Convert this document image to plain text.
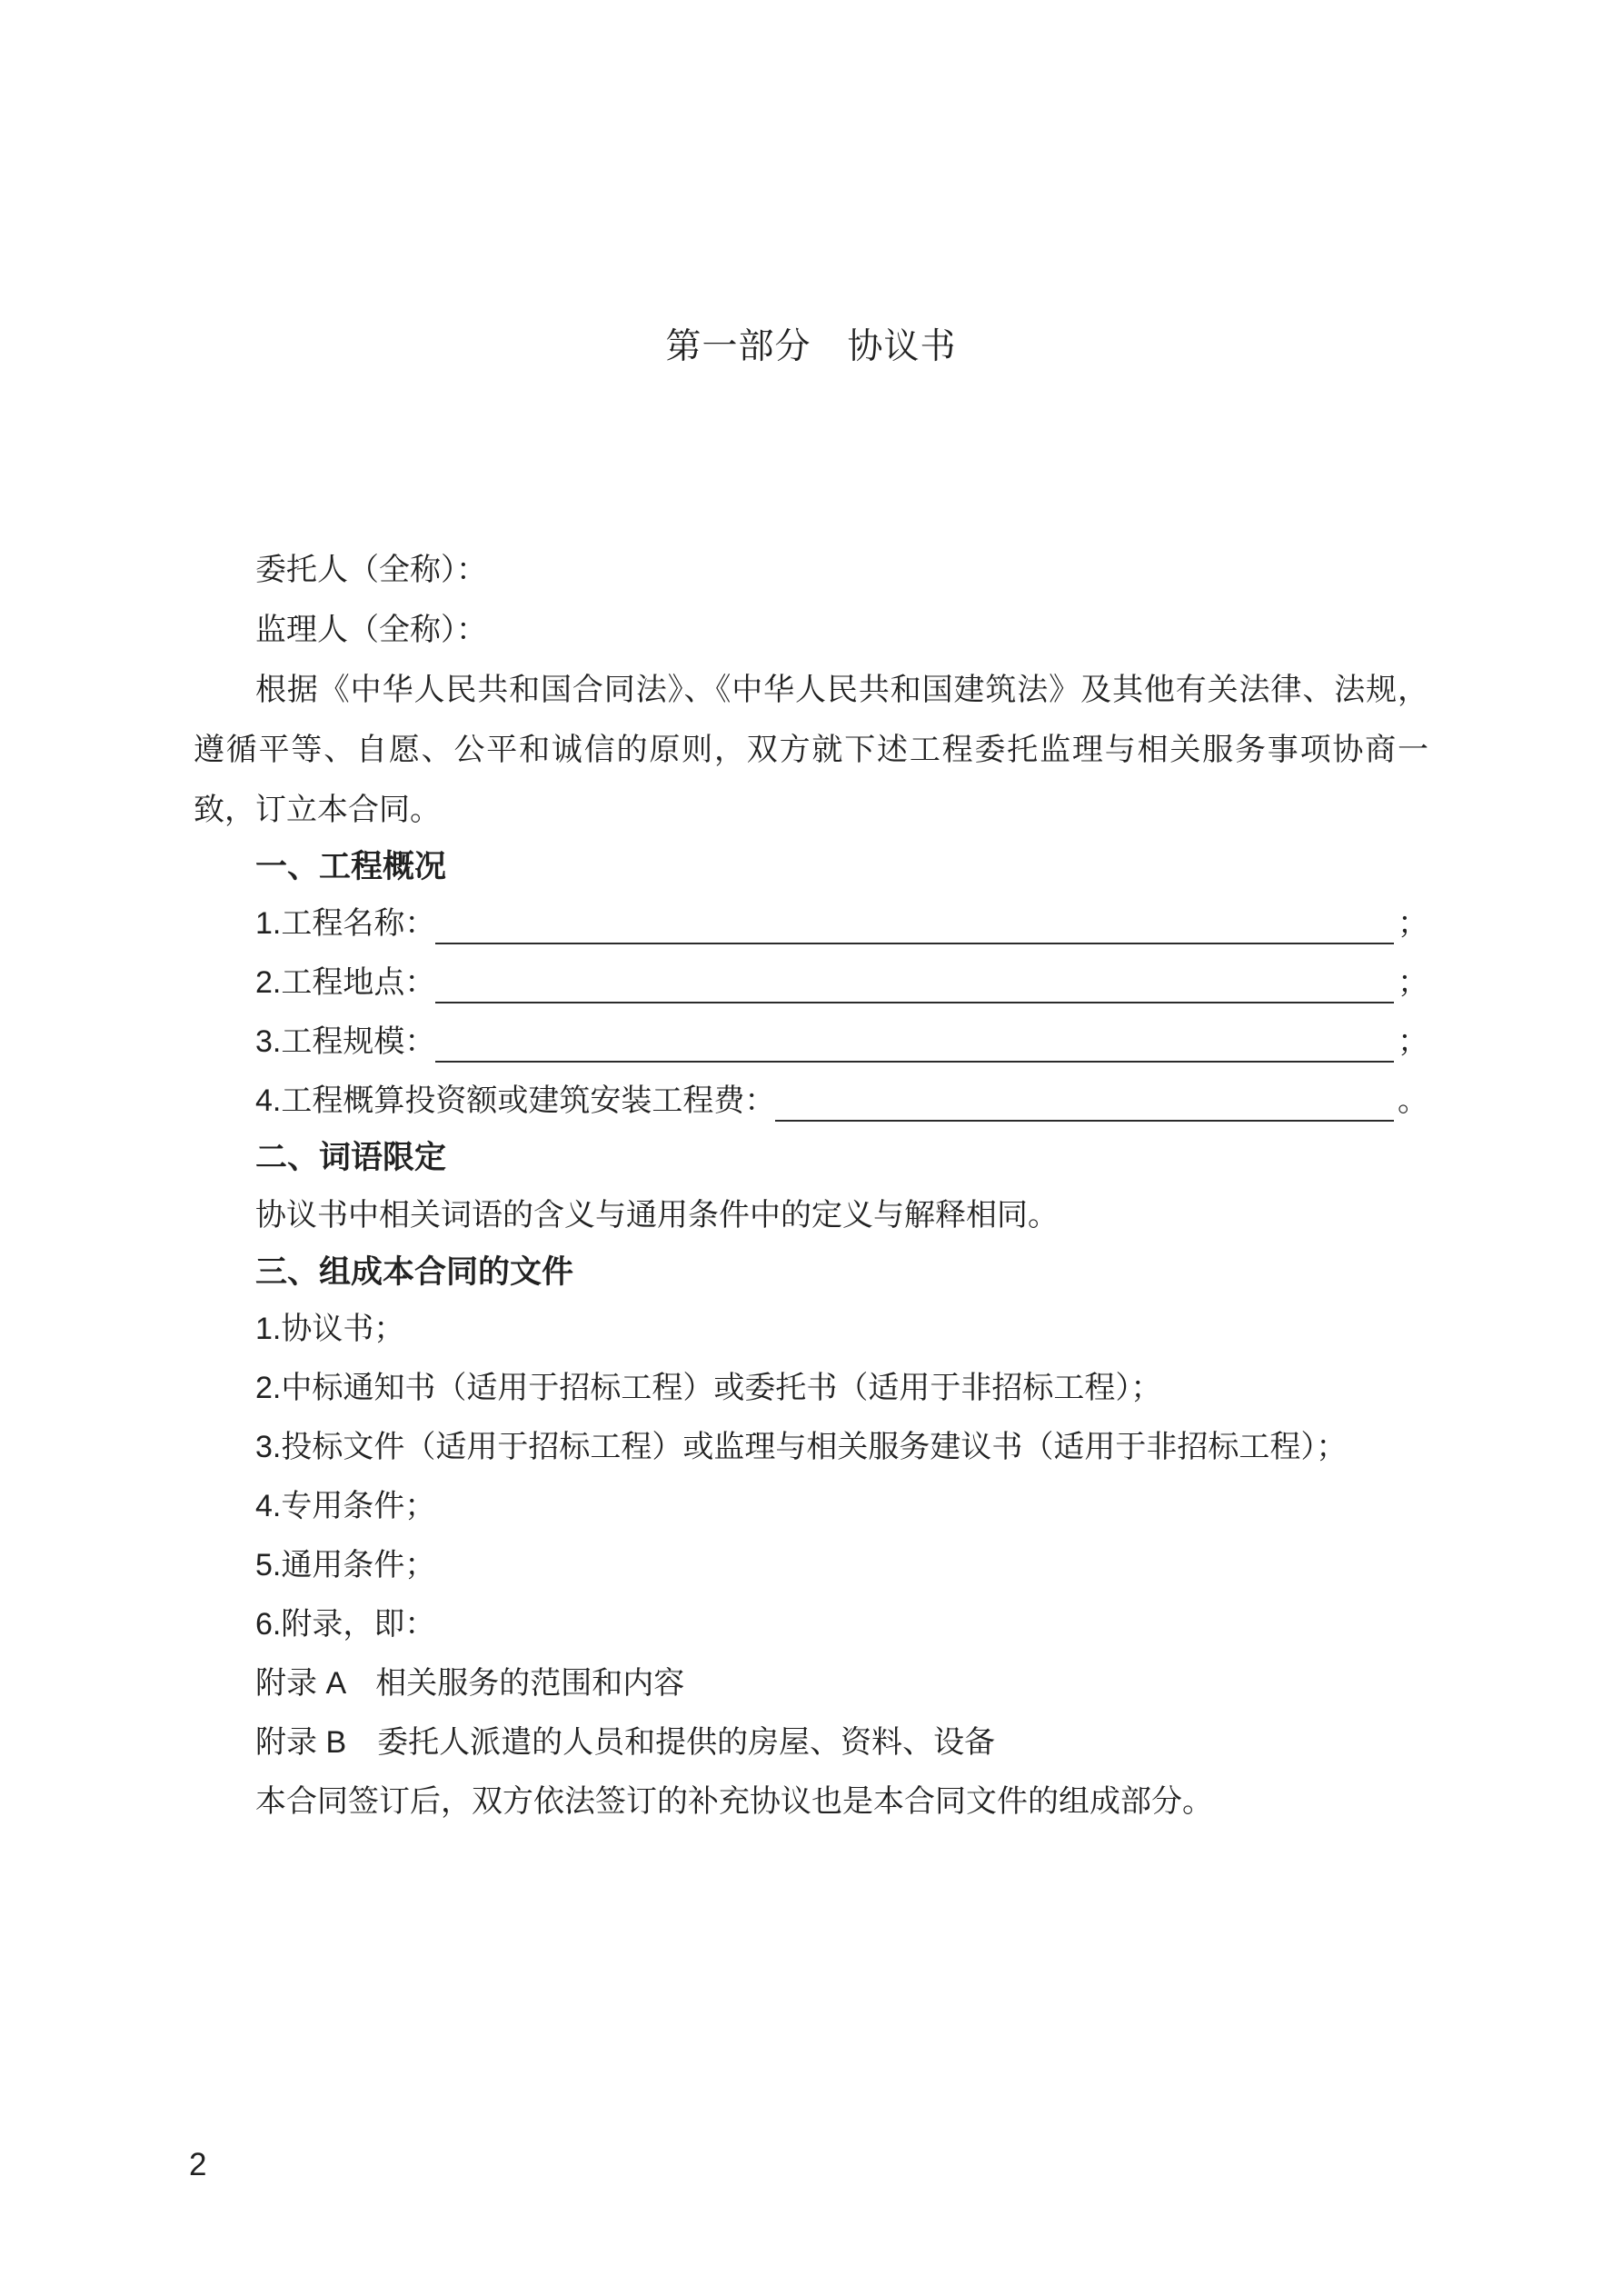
第一部分　协议书

委托人（全称）：

监理人（全称）：

根据《中华人民共和国合同法》、《中华人民共和国建筑法》及其他有关法律、法规，遵循平等、自愿、公平和诚信的原则，双方就下述工程委托监理与相关服务事项协商一致，订立本合同。

一、工程概况
1.工程名称：	；
2.工程地点：	；
3.工程规模：	；
4.工程概算投资额或建筑安装工程费：	。
二、词语限定

协议书中相关词语的含义与通用条件中的定义与解释相同。

三、组成本合同的文件

1.协议书；

2.中标通知书（适用于招标工程）或委托书（适用于非招标工程）；

3.投标文件（适用于招标工程）或监理与相关服务建议书（适用于非招标工程）；

4.专用条件；

5.通用条件；

6.附录，即：

附录 A　相关服务的范围和内容

附录 B　委托人派遣的人员和提供的房屋、资料、设备

本合同签订后，双方依法签订的补充协议也是本合同文件的组成部分。

2
